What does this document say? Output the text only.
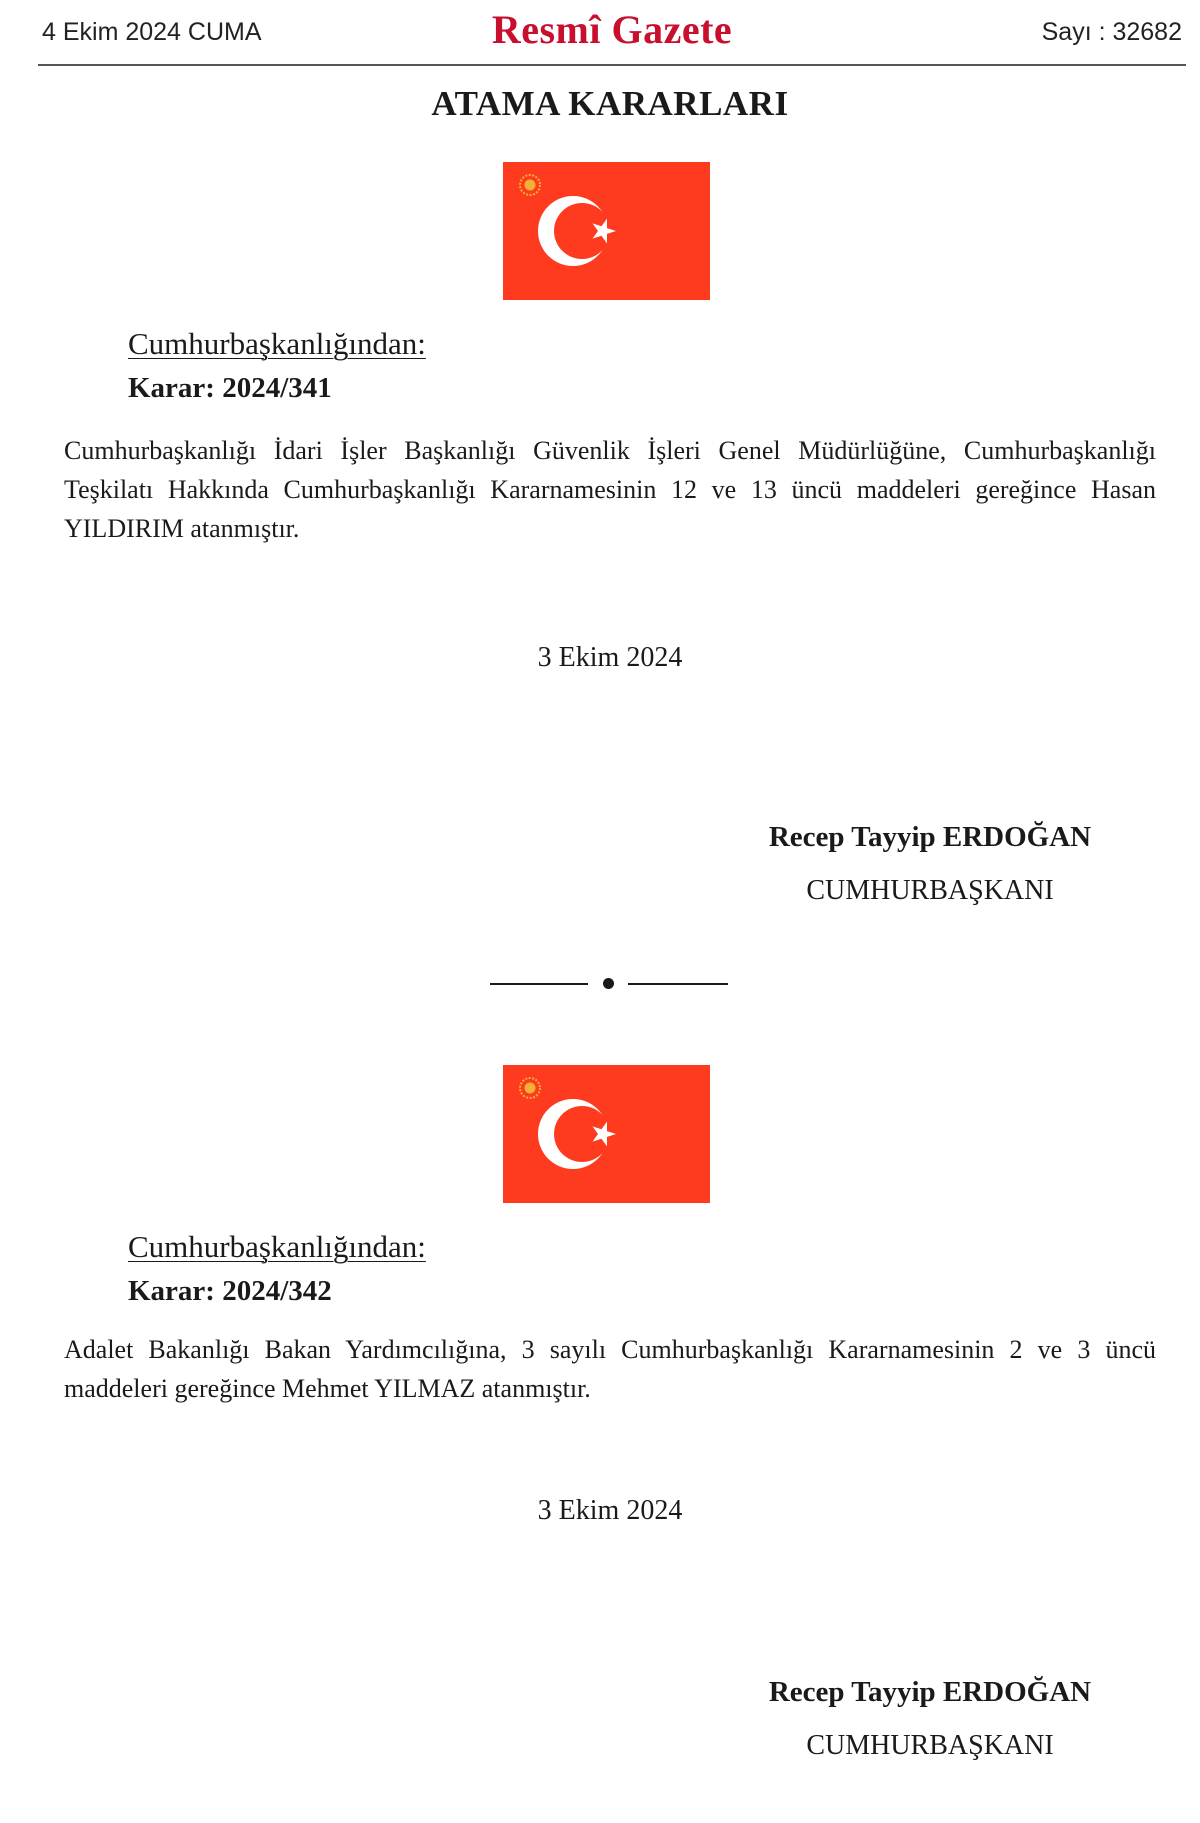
4 Ekim 2024 CUMA	Resmî Gazete	Sayı : 32682
ATAMA KARARLARI
Cumhurbaşkanlığından:
Karar: 2024/341

Cumhurbaşkanlığı İdari İşler Başkanlığı Güvenlik İşleri Genel Müdürlüğüne, Cumhurbaşkanlığı Teşkilatı Hakkında Cumhurbaşkanlığı Kararnamesinin 12 ve 13 üncü maddeleri gereğince Hasan YILDIRIM atanmıştır.

3 Ekim 2024
Recep Tayyip ERDOĞAN
CUMHURBAŞKANI
Cumhurbaşkanlığından:
Karar: 2024/342

Adalet Bakanlığı Bakan Yardımcılığına, 3 sayılı Cumhurbaşkanlığı Kararnamesinin 2 ve 3 üncü maddeleri gereğince Mehmet YILMAZ atanmıştır.

3 Ekim 2024
Recep Tayyip ERDOĞAN
CUMHURBAŞKANI
